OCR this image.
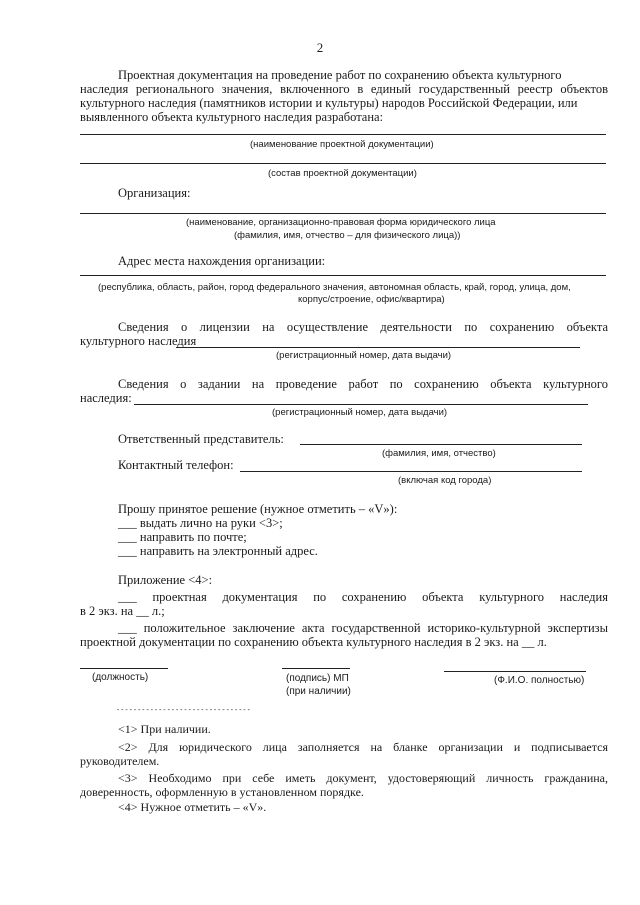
2
Проектная документация на проведение работ по сохранению объекта культурного
наследия регионального значения, включенного в единый государственный реестр объектов
культурного наследия (памятников истории и культуры) народов Российской Федерации, или
выявленного объекта культурного наследия разработана:
(наименование проектной документации)
(состав проектной документации)
Организация:
(наименование, организационно-правовая форма юридического лица
(фамилия, имя, отчество – для физического лица))
Адрес места нахождения организации:
(республика, область, район, город федерального значения, автономная область, край, город, улица, дом,
корпус/строение, офис/квартира)
Сведения о лицензии на осуществление деятельности по сохранению объекта
культурного наследия
(регистрационный номер, дата выдачи)
Сведения о задании на проведение работ по сохранению объекта культурного
наследия:
(регистрационный номер, дата выдачи)
Ответственный представитель:
(фамилия, имя, отчество)
Контактный телефон:
(включая код города)
Прошу принятое решение (нужное отметить – «V»):
___ выдать лично на руки <3>;
___ направить по почте;
___ направить на электронный адрес.
Приложение <4>:
___ проектная документация по сохранению объекта культурного наследия
в 2 экз. на __ л.;
___ положительное заключение акта государственной историко-культурной экспертизы
проектной документации по сохранению объекта культурного наследия в 2 экз. на __ л.
(должность)	(подпись) МП
(при наличии)
(Ф.И.О. полностью)
--------------------------------
<1> При наличии.
<2> Для юридического лица заполняется на бланке организации и подписывается
руководителем.
<3> Необходимо при себе иметь документ, удостоверяющий личность гражданина,
доверенность, оформленную в установленном порядке.
<4> Нужное отметить – «V».
